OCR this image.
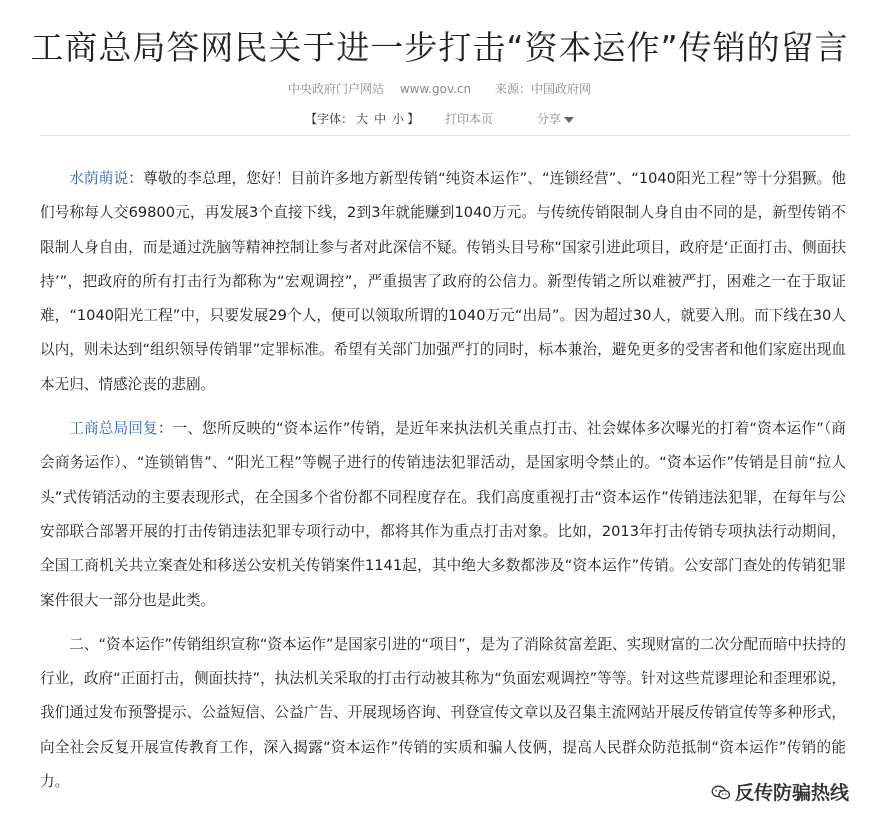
工商总局答网民关于进一步打击“资本运作”传销的留言
中央政府门户网站 www.gov.cn 来源：中国政府网
【字体： 大 中 小 】 打印本页	分享

水荫萌说：尊敬的李总理，您好！目前许多地方新型传销“纯资本运作”、“连锁经营”、“1040阳光工程”等十分猖獗。他们号称每人交69800元，再发展3个直接下线，2到3年就能赚到1040万元。与传统传销限制人身自由不同的是，新型传销不限制人身自由，而是通过洗脑等精神控制让参与者对此深信不疑。传销头目号称“国家引进此项目，政府是‘正面打击、侧面扶持’”，把政府的所有打击行为都称为“宏观调控”，严重损害了政府的公信力。新型传销之所以难被严打，困难之一在于取证难，“1040阳光工程”中，只要发展29个人，便可以领取所谓的1040万元“出局”。因为超过30人，就要入刑。而下线在30人以内，则未达到“组织领导传销罪”定罪标准。希望有关部门加强严打的同时，标本兼治，避免更多的受害者和他们家庭出现血本无归、情感沦丧的悲剧。

工商总局回复：一、您所反映的“资本运作”传销，是近年来执法机关重点打击、社会媒体多次曝光的打着“资本运作”（商会商务运作）、“连锁销售”、“阳光工程”等幌子进行的传销违法犯罪活动，是国家明令禁止的。“资本运作”传销是目前“拉人头”式传销活动的主要表现形式，在全国多个省份都不同程度存在。我们高度重视打击“资本运作”传销违法犯罪，在每年与公安部联合部署开展的打击传销违法犯罪专项行动中，都将其作为重点打击对象。比如，2013年打击传销专项执法行动期间，全国工商机关共立案查处和移送公安机关传销案件1141起，其中绝大多数都涉及“资本运作”传销。公安部门查处的传销犯罪案件很大一部分也是此类。

二、“资本运作”传销组织宣称“资本运作”是国家引进的“项目”，是为了消除贫富差距、实现财富的二次分配而暗中扶持的行业，政府“正面打击，侧面扶持”，执法机关采取的打击行动被其称为“负面宏观调控”等等。针对这些荒谬理论和歪理邪说，我们通过发布预警提示、公益短信、公益广告、开展现场咨询、刊登宣传文章以及召集主流网站开展反传销宣传等多种形式，向全社会反复开展宣传教育工作，深入揭露“资本运作”传销的实质和骗人伎俩，提高人民群众防范抵制“资本运作”传销的能力。

反传防骗热线
